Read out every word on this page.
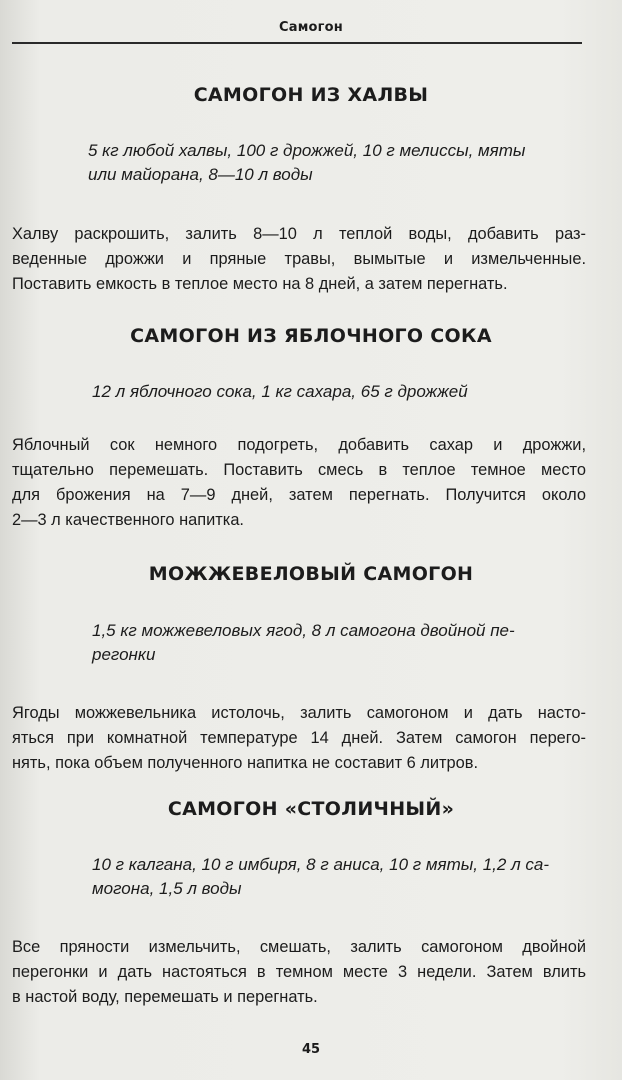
Самогон
САМОГОН ИЗ ХАЛВЫ
5 кг любой халвы, 100 г дрожжей, 10 г мелиссы, мяты
или майорана, 8—10 л воды
Халву раскрошить, залить 8—10 л теплой воды, добавить раз-
веденные дрожжи и пряные травы, вымытые и измельченные.
Поставить емкость в теплое место на 8 дней, а затем перегнать.
САМОГОН ИЗ ЯБЛОЧНОГО СОКА
12 л яблочного сока, 1 кг сахара, 65 г дрожжей
Яблочный сок немного подогреть, добавить сахар и дрожжи,
тщательно перемешать. Поставить смесь в теплое темное место
для брожения на 7—9 дней, затем перегнать. Получится около
2—3 л качественного напитка.
МОЖЖЕВЕЛОВЫЙ САМОГОН
1,5 кг можжевеловых ягод, 8 л самогона двойной пе-
регонки
Ягоды можжевельника истолочь, залить самогоном и дать насто-
яться при комнатной температуре 14 дней. Затем самогон перего-
нять, пока объем полученного напитка не составит 6 литров.
САМОГОН «СТОЛИЧНЫЙ»
10 г калгана, 10 г имбиря, 8 г аниса, 10 г мяты, 1,2 л са-
могона, 1,5 л воды
Все пряности измельчить, смешать, залить самогоном двойной
перегонки и дать настояться в темном месте 3 недели. Затем влить
в настой воду, перемешать и перегнать.
45
